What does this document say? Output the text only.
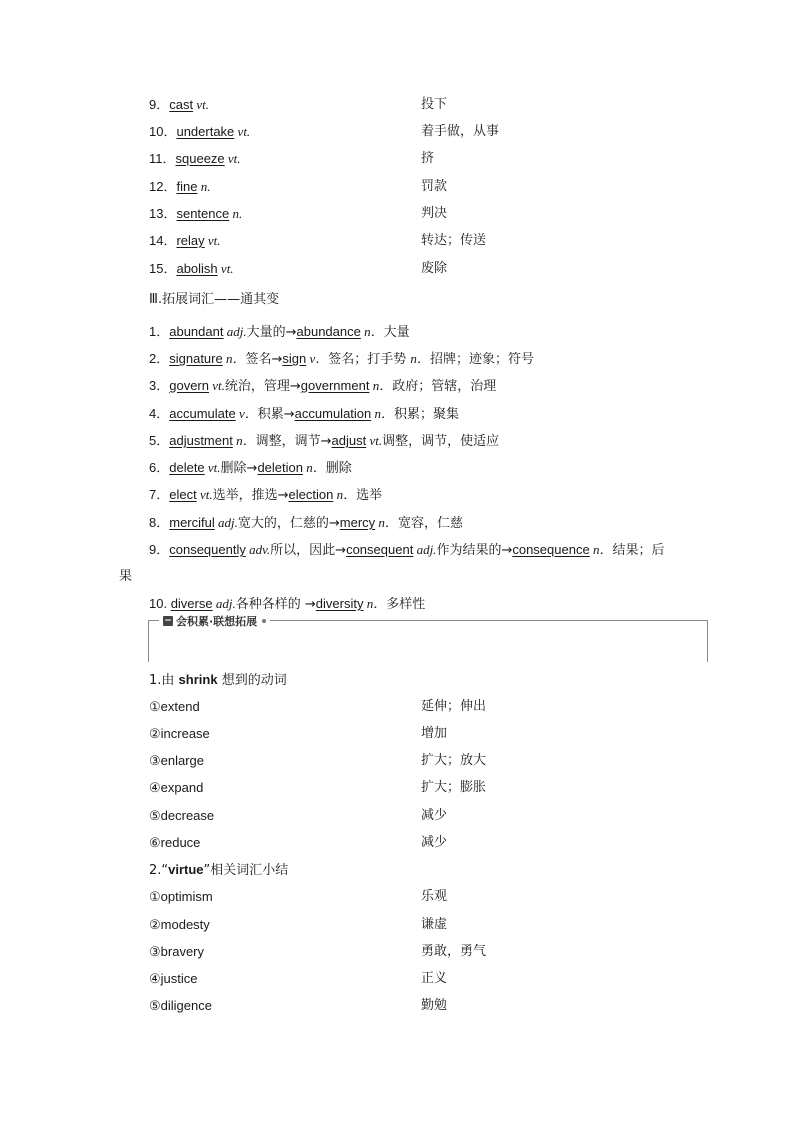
9．cast vt.	投下
10．undertake vt.	着手做，从事
11．squeeze vt.	挤
12．fine n.	罚款
13．sentence n.	判决
14．relay vt.	转达；传送
15．abolish vt.	废除
Ⅲ.拓展词汇——通其变
1．abundant adj.大量的→abundance n．大量
2．signature n．签名→sign v．签名；打手势 n．招牌；迹象；符号
3．govern vt.统治，管理→government n．政府；管辖，治理
4．accumulate v．积累→accumulation n．积累；聚集
5．adjustment n．调整，调节→adjust vt.调整，调节，使适应
6．delete vt.删除→deletion n．删除
7．elect vt.选举，推选→election n．选举
8．merciful adj.宽大的，仁慈的→mercy n．宽容，仁慈
9．consequently adv.所以，因此→consequent adj.作为结果的→consequence n．结果；后
10. diverse adj.各种各样的 →diversity n．多样性
果
− 会积累·联想拓展
1.由 shrink 想到的动词
①extend	延伸；伸出
②increase	增加
③enlarge	扩大；放大
④expand	扩大；膨胀
⑤decrease	减少
⑥reduce	减少
2.“virtue”相关词汇小结
①optimism	乐观
②modesty	谦虚
③bravery	勇敢，勇气
④justice	正义
⑤diligence	勤勉
